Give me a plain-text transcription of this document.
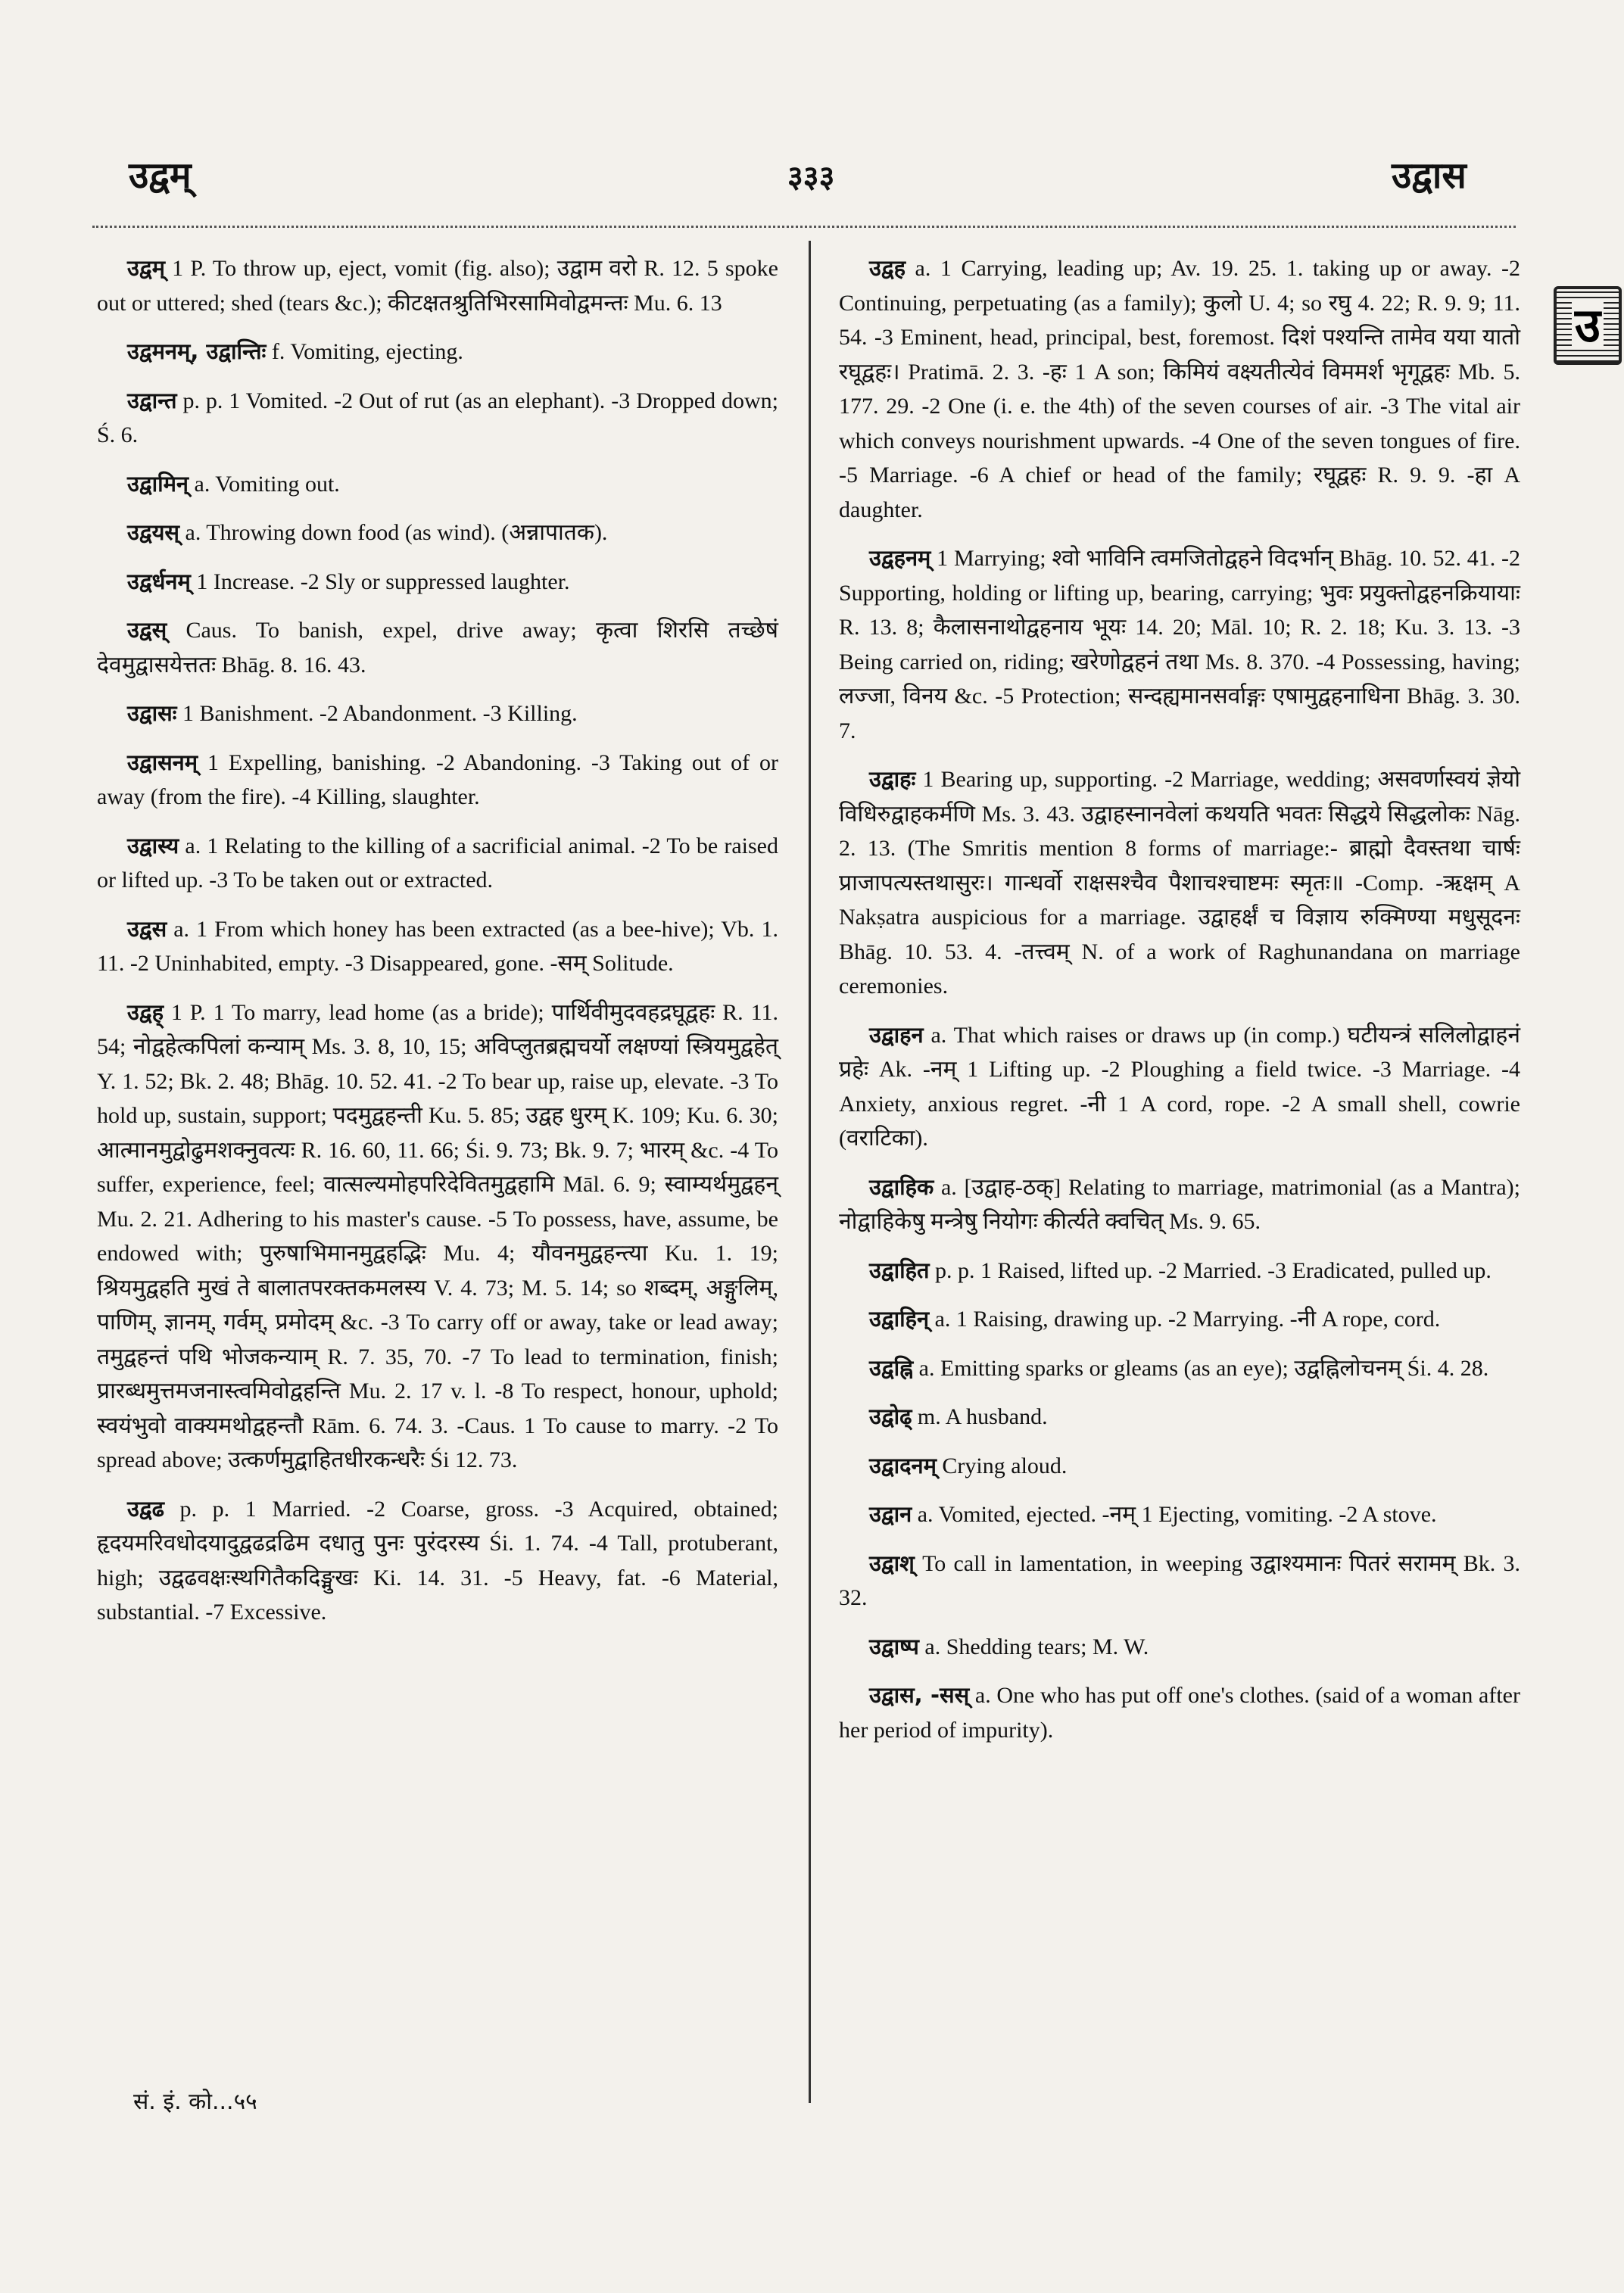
उद्वम्	३३३	उद्वास
उ
उद्वम् 1 P. To throw up, eject, vomit (fig. also); उद्वाम वरो R. 12. 5 spoke out or uttered; shed (tears &c.); कीटक्षतश्रुतिभिरसामिवोद्वमन्तः Mu. 6. 13
उद्वमनम्, उद्वान्तिः f. Vomiting, ejecting.
उद्वान्त p. p. 1 Vomited. -2 Out of rut (as an elephant). -3 Dropped down; Ś. 6.
उद्वामिन् a. Vomiting out.
उद्वयस् a. Throwing down food (as wind). (अन्नापातक).
उद्वर्धनम् 1 Increase. -2 Sly or suppressed laughter.
उद्वस् Caus. To banish, expel, drive away; कृत्वा शिरसि तच्छेषं देवमुद्वासयेत्ततः Bhāg. 8. 16. 43.
उद्वासः 1 Banishment. -2 Abandonment. -3 Killing.
उद्वासनम् 1 Expelling, banishing. -2 Abandoning. -3 Taking out of or away (from the fire). -4 Killing, slaughter.
उद्वास्य a. 1 Relating to the killing of a sacrificial animal. -2 To be raised or lifted up. -3 To be taken out or extracted.
उद्वस a. 1 From which honey has been extracted (as a bee-hive); Vb. 1. 11. -2 Uninhabited, empty. -3 Disappeared, gone. -सम् Solitude.
उद्वह् 1 P. 1 To marry, lead home (as a bride); पार्थिवीमुदवहद्रघूद्वहः R. 11. 54; नोद्वहेत्कपिलां कन्याम् Ms. 3. 8, 10, 15; अविप्लुतब्रह्मचर्यो लक्षण्यां स्त्रियमुद्वहेत् Y. 1. 52; Bk. 2. 48; Bhāg. 10. 52. 41. -2 To bear up, raise up, elevate. -3 To hold up, sustain, support; पदमुद्वहन्ती Ku. 5. 85; उद्वह धुरम् K. 109; Ku. 6. 30; आत्मानमुद्वोढुमशक्नुवत्यः R. 16. 60, 11. 66; Śi. 9. 73; Bk. 9. 7; भारम् &c. -4 To suffer, experience, feel; वात्सल्यमोहपरिदेवितमुद्वहामि Māl. 6. 9; स्वाम्यर्थमुद्वहन् Mu. 2. 21. Adhering to his master's cause. -5 To possess, have, assume, be endowed with; पुरुषाभिमानमुद्वहद्भिः Mu. 4; यौवनमुद्वहन्त्या Ku. 1. 19; श्रियमुद्वहति मुखं ते बालातपरक्तकमलस्य V. 4. 73; M. 5. 14; so शब्दम्, अङ्गुलिम्, पाणिम्, ज्ञानम्, गर्वम्, प्रमोदम् &c. -3 To carry off or away, take or lead away; तमुद्वहन्तं पथि भोजकन्याम् R. 7. 35, 70. -7 To lead to termination, finish; प्रारब्धमुत्तमजनास्त्वमिवोद्वहन्ति Mu. 2. 17 v. l. -8 To respect, honour, uphold; स्वयंभुवो वाक्यमथोद्वहन्तौ Rām. 6. 74. 3. -Caus. 1 To cause to marry. -2 To spread above; उत्कर्णमुद्वाहितधीरकन्धरैः Śi 12. 73.
उद्वढ p. p. 1 Married. -2 Coarse, gross. -3 Acquired, obtained; हृदयमरिवधोदयादुद्वढद्रढिम दधातु पुनः पुरंदरस्य Śi. 1. 74. -4 Tall, protuberant, high; उद्वढवक्षःस्थगितैकदिङ्मुखः Ki. 14. 31. -5 Heavy, fat. -6 Material, substantial. -7 Excessive.
उद्वह a. 1 Carrying, leading up; Av. 19. 25. 1. taking up or away. -2 Continuing, perpetuating (as a family); कुलो U. 4; so रघु 4. 22; R. 9. 9; 11. 54. -3 Eminent, head, principal, best, foremost. दिशं पश्यन्ति तामेव यया यातो रघूद्वहः। Pratimā. 2. 3. -हः 1 A son; किमियं वक्ष्यतीत्येवं विममर्श भृगूद्वहः Mb. 5. 177. 29. -2 One (i. e. the 4th) of the seven courses of air. -3 The vital air which conveys nourishment upwards. -4 One of the seven tongues of fire. -5 Marriage. -6 A chief or head of the family; रघूद्वहः R. 9. 9. -हा A daughter.
उद्वहनम् 1 Marrying; श्वो भाविनि त्वमजितोद्वहने विदर्भान् Bhāg. 10. 52. 41. -2 Supporting, holding or lifting up, bearing, carrying; भुवः प्रयुक्तोद्वहनक्रियायाः R. 13. 8; कैलासनाथोद्वहनाय भूयः 14. 20; Māl. 10; R. 2. 18; Ku. 3. 13. -3 Being carried on, riding; खरेणोद्वहनं तथा Ms. 8. 370. -4 Possessing, having; लज्जा, विनय &c. -5 Protection; सन्दह्यमानसर्वाङ्गः एषामुद्वहनाधिना Bhāg. 3. 30. 7.
उद्वाहः 1 Bearing up, supporting. -2 Marriage, wedding; असवर्णास्वयं ज्ञेयो विधिरुद्वाहकर्मणि Ms. 3. 43. उद्वाहस्नानवेलां कथयति भवतः सिद्धये सिद्धलोकः Nāg. 2. 13. (The Smritis mention 8 forms of marriage:- ब्राह्मो दैवस्तथा चार्षः प्राजापत्यस्तथासुरः। गान्धर्वो राक्षसश्चैव पैशाचश्चाष्टमः स्मृतः॥ -Comp. -ऋक्षम् A Nakṣatra auspicious for a marriage. उद्वाहर्क्षं च विज्ञाय रुक्मिण्या मधुसूदनः Bhāg. 10. 53. 4. -तत्त्वम् N. of a work of Raghunandana on marriage ceremonies.
उद्वाहन a. That which raises or draws up (in comp.) घटीयन्त्रं सलिलोद्वाहनं प्रहेः Ak. -नम् 1 Lifting up. -2 Ploughing a field twice. -3 Marriage. -4 Anxiety, anxious regret. -नी 1 A cord, rope. -2 A small shell, cowrie (वराटिका).
उद्वाहिक a. [उद्वाह-ठक्] Relating to marriage, matrimonial (as a Mantra); नोद्वाहिकेषु मन्त्रेषु नियोगः कीर्त्यते क्वचित् Ms. 9. 65.
उद्वाहित p. p. 1 Raised, lifted up. -2 Married. -3 Eradicated, pulled up.
उद्वाहिन् a. 1 Raising, drawing up. -2 Marrying. -नी A rope, cord.
उद्वह्नि a. Emitting sparks or gleams (as an eye); उद्वह्निलोचनम् Śi. 4. 28.
उद्वोढ् m. A husband.
उद्वादनम् Crying aloud.
उद्वान a. Vomited, ejected. -नम् 1 Ejecting, vomiting. -2 A stove.
उद्वाश् To call in lamentation, in weeping उद्वाश्यमानः पितरं सरामम् Bk. 3. 32.
उद्वाष्प a. Shedding tears; M. W.
उद्वास, -सस् a. One who has put off one's clothes. (said of a woman after her period of impurity).
सं. इं. को...५५
